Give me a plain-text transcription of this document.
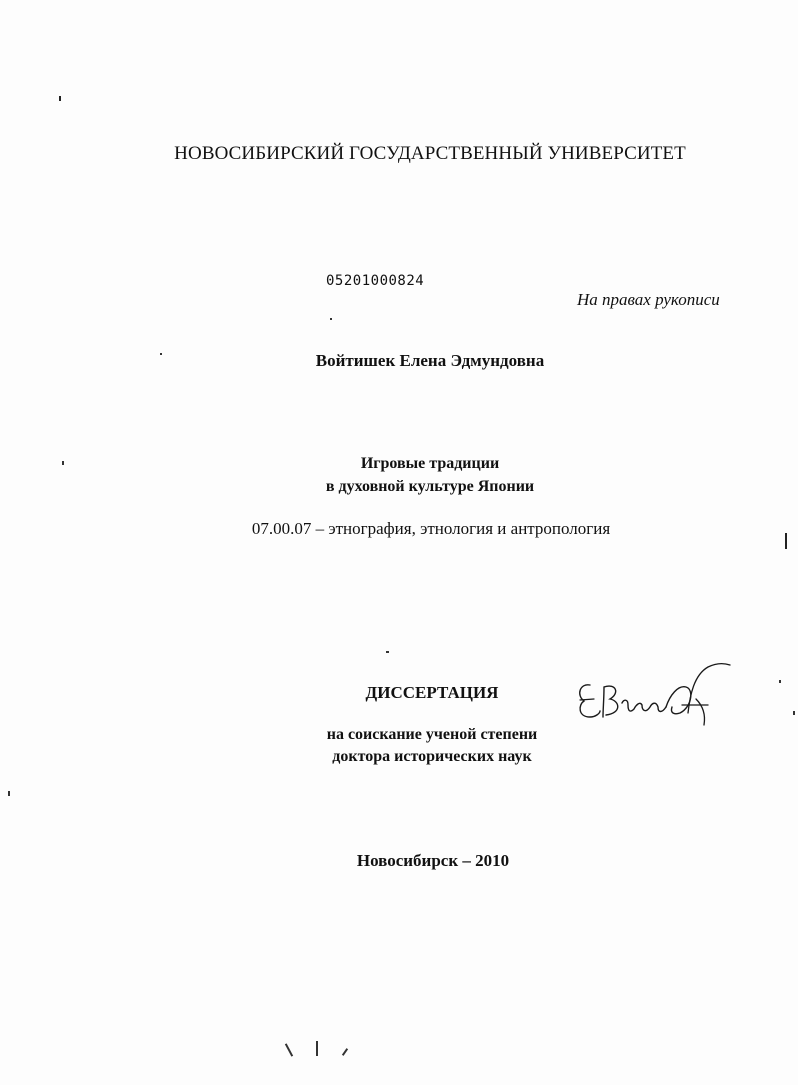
НОВОСИБИРСКИЙ ГОСУДАРСТВЕННЫЙ УНИВЕРСИТЕТ
05201000824
На правах рукописи
Войтишек Елена Эдмундовна
Игровые традиции
в духовной культуре Японии
07.00.07 – этнография, этнология и антропология
ДИССЕРТАЦИЯ
на соискание ученой степени
доктора исторических наук
Новосибирск – 2010
